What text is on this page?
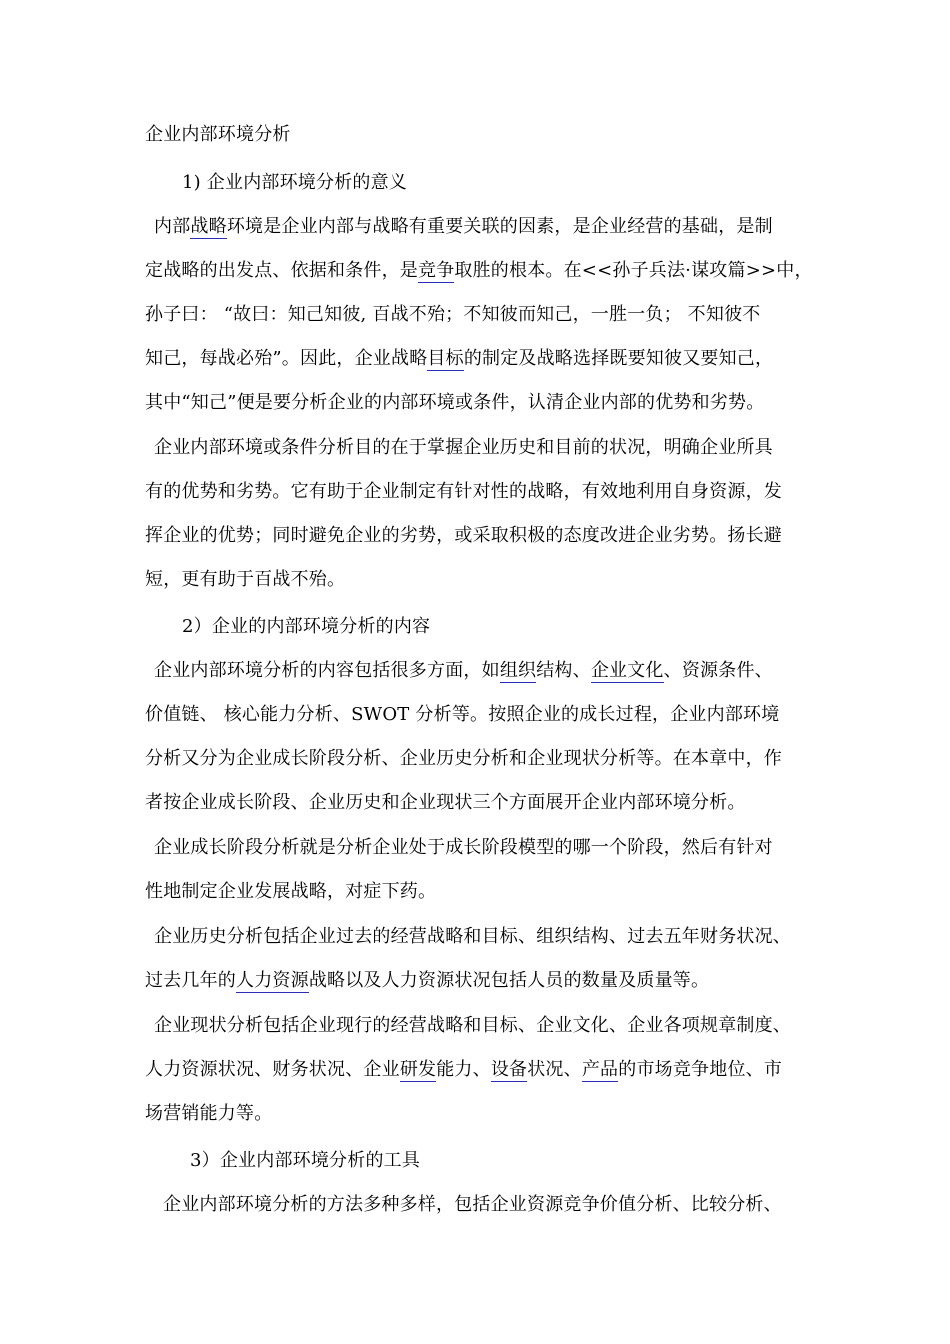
企业内部环境分析
1) 企业内部环境分析的意义
内部战略环境是企业内部与战略有重要关联的因素，是企业经营的基础，是制
定战略的出发点、依据和条件，是竞争取胜的根本。在<<孙子兵法·谋攻篇>>中，
孙子曰： “故曰：知己知彼, 百战不殆；不知彼而知己，一胜一负； 不知彼不
知己，每战必殆”。因此，企业战略目标的制定及战略选择既要知彼又要知己，
其中“知己”便是要分析企业的内部环境或条件，认清企业内部的优势和劣势。
企业内部环境或条件分析目的在于掌握企业历史和目前的状况，明确企业所具
有的优势和劣势。它有助于企业制定有针对性的战略，有效地利用自身资源，发
挥企业的优势；同时避免企业的劣势，或采取积极的态度改进企业劣势。扬长避
短，更有助于百战不殆。
2）企业的内部环境分析的内容
企业内部环境分析的内容包括很多方面，如组织结构、企业文化、资源条件、
价值链、 核心能力分析、SWOT 分析等。按照企业的成长过程，企业内部环境
分析又分为企业成长阶段分析、企业历史分析和企业现状分析等。在本章中，作
者按企业成长阶段、企业历史和企业现状三个方面展开企业内部环境分析。
企业成长阶段分析就是分析企业处于成长阶段模型的哪一个阶段，然后有针对
性地制定企业发展战略，对症下药。
企业历史分析包括企业过去的经营战略和目标、组织结构、过去五年财务状况、
过去几年的人力资源战略以及人力资源状况包括人员的数量及质量等。
企业现状分析包括企业现行的经营战略和目标、企业文化、企业各项规章制度、
人力资源状况、财务状况、企业研发能力、设备状况、产品的市场竞争地位、市
场营销能力等。
3）企业内部环境分析的工具
企业内部环境分析的方法多种多样，包括企业资源竞争价值分析、比较分析、
